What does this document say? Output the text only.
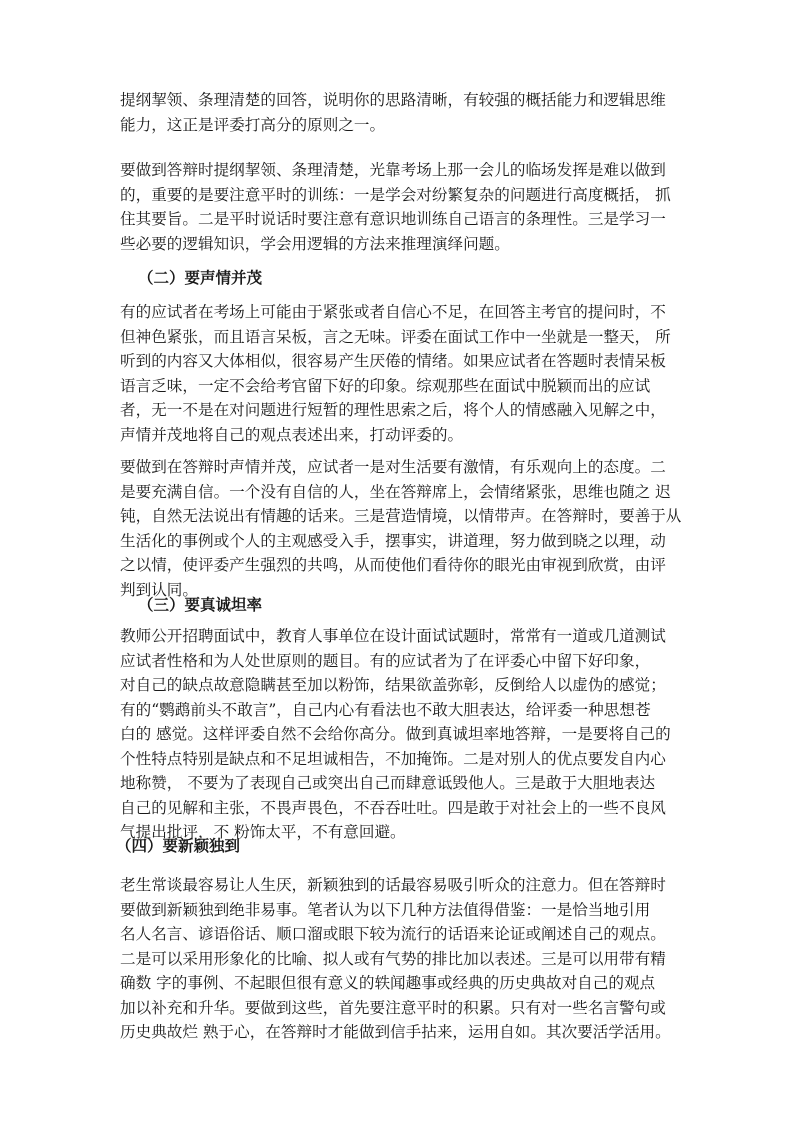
提纲挈领、条理清楚的回答，说明你的思路清晰，有较强的概括能力和逻辑思维
能力，这正是评委打高分的原则之一。

要做到答辩时提纲挈领、条理清楚，光靠考场上那一会儿的临场发挥是难以做到
的，重要的是要注意平时的训练：一是学会对纷繁复杂的问题进行高度概括， 抓
住其要旨。二是平时说话时要注意有意识地训练自己语言的条理性。三是学习一
些必要的逻辑知识，学会用逻辑的方法来推理演绎问题。

（二）要声情并茂

有的应试者在考场上可能由于紧张或者自信心不足，在回答主考官的提问时，不
但神色紧张，而且语言呆板，言之无味。评委在面试工作中一坐就是一整天， 所
听到的内容又大体相似，很容易产生厌倦的情绪。如果应试者在答题时表情呆板
语言乏味，一定不会给考官留下好的印象。综观那些在面试中脱颖而出的应试
者，无一不是在对问题进行短暂的理性思索之后，将个人的情感融入见解之中，
声情并茂地将自己的观点表述出来，打动评委的。

要做到在答辩时声情并茂，应试者一是对生活要有激情，有乐观向上的态度。二
是要充满自信。一个没有自信的人，坐在答辩席上，会情绪紧张，思维也随之 迟
钝，自然无法说出有情趣的话来。三是营造情境，以情带声。在答辩时，要善于从
生活化的事例或个人的主观感受入手，摆事实，讲道理，努力做到晓之以理，动
之以情，使评委产生强烈的共鸣，从而使他们看待你的眼光由审视到欣赏，由评
判到认同。

（三）要真诚坦率

教师公开招聘面试中，教育人事单位在设计面试试题时，常常有一道或几道测试
应试者性格和为人处世原则的题目。有的应试者为了在评委心中留下好印象，
对自己的缺点故意隐瞒甚至加以粉饰，结果欲盖弥彰，反倒给人以虚伪的感觉；
有的“鹦鹉前头不敢言”，自己内心有看法也不敢大胆表达，给评委一种思想苍
白的 感觉。这样评委自然不会给你高分。做到真诚坦率地答辩，一是要将自己的
个性特点特别是缺点和不足坦诚相告，不加掩饰。二是对别人的优点要发自内心
地称赞， 不要为了表现自己或突出自己而肆意诋毁他人。三是敢于大胆地表达
自己的见解和主张，不畏声畏色，不吞吞吐吐。四是敢于对社会上的一些不良风
气提出批评，不 粉饰太平，不有意回避。

（四）要新颖独到

老生常谈最容易让人生厌，新颖独到的话最容易吸引听众的注意力。但在答辩时
要做到新颖独到绝非易事。笔者认为以下几种方法值得借鉴：一是恰当地引用
名人名言、谚语俗话、顺口溜或眼下较为流行的话语来论证或阐述自己的观点。
二是可以采用形象化的比喻、拟人或有气势的排比加以表述。三是可以用带有精
确数 字的事例、不起眼但很有意义的轶闻趣事或经典的历史典故对自己的观点
加以补充和升华。要做到这些，首先要注意平时的积累。只有对一些名言警句或
历史典故烂 熟于心，在答辩时才能做到信手拈来，运用自如。其次要活学活用。
